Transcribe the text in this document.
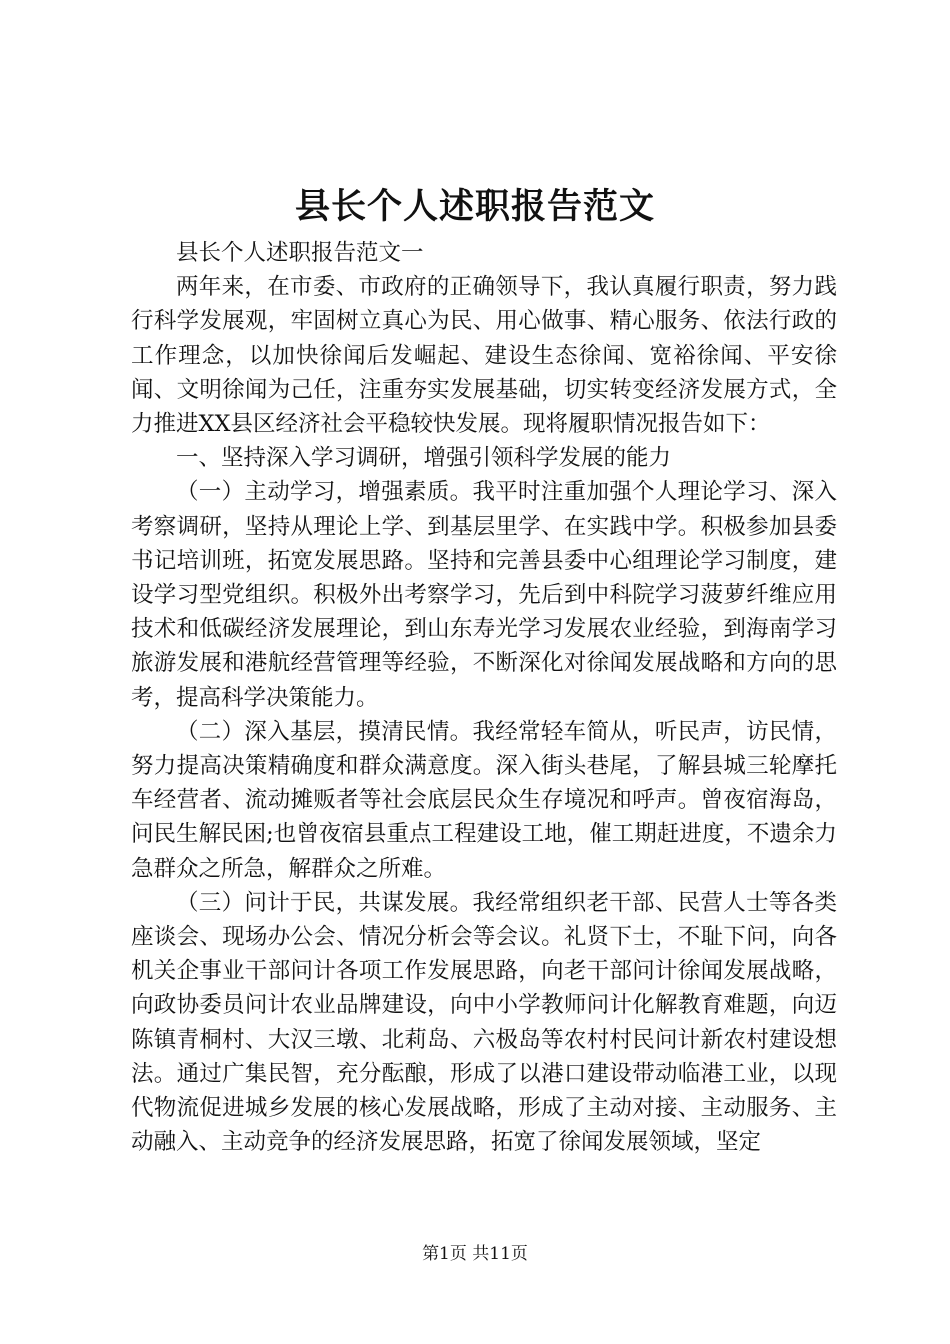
县长个人述职报告范文

县长个人述职报告范文一

两年来，在市委、市政府的正确领导下，我认真履行职责，努力践行科学发展观，牢固树立真心为民、用心做事、精心服务、依法行政的工作理念，以加快徐闻后发崛起、建设生态徐闻、宽裕徐闻、平安徐闻、文明徐闻为己任，注重夯实发展基础，切实转变经济发展方式，全力推进XX县区经济社会平稳较快发展。现将履职情况报告如下：

一、坚持深入学习调研，增强引领科学发展的能力

（一）主动学习，增强素质。我平时注重加强个人理论学习、深入考察调研，坚持从理论上学、到基层里学、在实践中学。积极参加县委书记培训班，拓宽发展思路。坚持和完善县委中心组理论学习制度，建设学习型党组织。积极外出考察学习，先后到中科院学习菠萝纤维应用技术和低碳经济发展理论，到山东寿光学习发展农业经验，到海南学习旅游发展和港航经营管理等经验，不断深化对徐闻发展战略和方向的思考，提高科学决策能力。

（二）深入基层，摸清民情。我经常轻车简从，听民声，访民情，努力提高决策精确度和群众满意度。深入街头巷尾，了解县城三轮摩托车经营者、流动摊贩者等社会底层民众生存境况和呼声。曾夜宿海岛，问民生解民困;也曾夜宿县重点工程建设工地，催工期赶进度，不遗余力急群众之所急，解群众之所难。

（三）问计于民，共谋发展。我经常组织老干部、民营人士等各类座谈会、现场办公会、情况分析会等会议。礼贤下士，不耻下问，向各机关企事业干部问计各项工作发展思路，向老干部问计徐闻发展战略，向政协委员问计农业品牌建设，向中小学教师问计化解教育难题，向迈陈镇青桐村、大汉三墩、北莉岛、六极岛等农村村民问计新农村建设想法。通过广集民智，充分酝酿，形成了以港口建设带动临港工业，以现代物流促进城乡发展的核心发展战略，形成了主动对接、主动服务、主动融入、主动竞争的经济发展思路，拓宽了徐闻发展领域，坚定

第1页 共11页
